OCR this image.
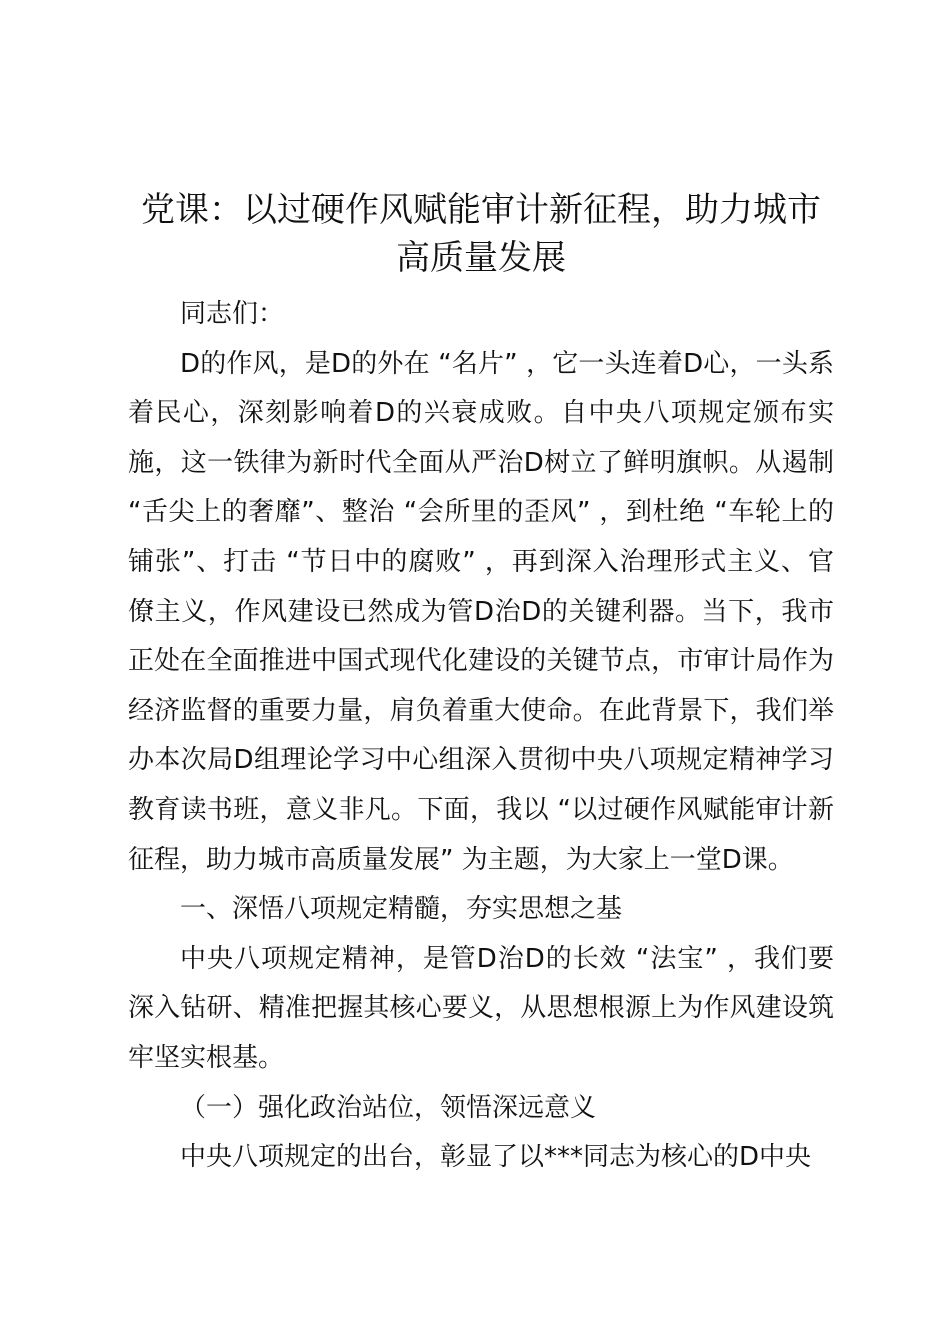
党课：以过硬作风赋能审计新征程，助力城市高质量发展

同志们：

D的作风，是D的外在 “名片” ，它一头连着D心，一头系着民心，深刻影响着D的兴衰成败。自中央八项规定颁布实施，这一铁律为新时代全面从严治D树立了鲜明旗帜。从遏制 “舌尖上的奢靡”、整治 “会所里的歪风” ，到杜绝 “车轮上的铺张”、打击 “节日中的腐败” ，再到深入治理形式主义、官僚主义，作风建设已然成为管D治D的关键利器。当下，我市正处在全面推进中国式现代化建设的关键节点，市审计局作为经济监督的重要力量，肩负着重大使命。在此背景下，我们举办本次局D组理论学习中心组深入贯彻中央八项规定精神学习教育读书班，意义非凡。下面，我以 “以过硬作风赋能审计新征程，助力城市高质量发展” 为主题，为大家上一堂D课。

一、深悟八项规定精髓，夯实思想之基

中央八项规定精神，是管D治D的长效 “法宝” ，我们要深入钻研、精准把握其核心要义，从思想根源上为作风建设筑牢坚实根基。

（一）强化政治站位，领悟深远意义

中央八项规定的出台，彰显了以***同志为核心的D中央
